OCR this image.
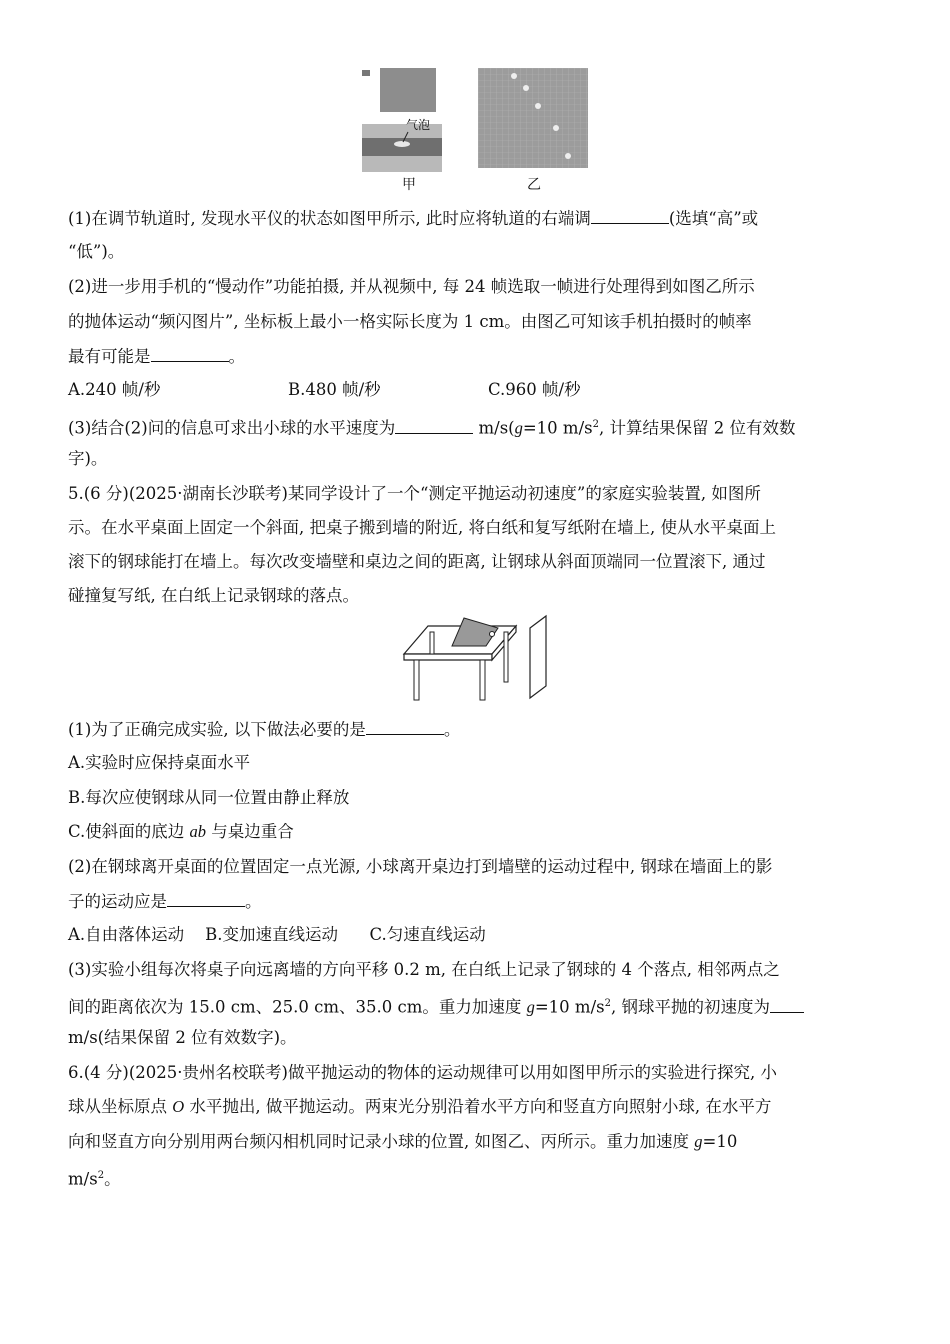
气泡
甲	乙
(1)在调节轨道时, 发现水平仪的状态如图甲所示, 此时应将轨道的右端调	(选填“高”或
“低”)。
(2)进一步用手机的“慢动作”功能拍摄, 并从视频中, 每 24 帧选取一帧进行处理得到如图乙所示
的抛体运动“频闪图片”, 坐标板上最小一格实际长度为 1 cm。由图乙可知该手机拍摄时的帧率
最有可能是	。
A.240 帧/秒	B.480 帧/秒	C.960 帧/秒
(3)结合(2)问的信息可求出小球的水平速度为	m/s(g=10 $m/s^2$, 计算结果保留 2 位有效数
字)。
5.(6 分)(2025·湖南长沙联考)某同学设计了一个“测定平抛运动初速度”的家庭实验装置, 如图所
示。在水平桌面上固定一个斜面, 把桌子搬到墙的附近, 将白纸和复写纸附在墙上, 使从水平桌面上
滚下的钢球能打在墙上。每次改变墙壁和桌边之间的距离, 让钢球从斜面顶端同一位置滚下, 通过
碰撞复写纸, 在白纸上记录钢球的落点。
(1)为了正确完成实验, 以下做法必要的是	。
A.实验时应保持桌面水平
B.每次应使钢球从同一位置由静止释放
C.使斜面的底边 ab 与桌边重合
(2)在钢球离开桌面的位置固定一点光源, 小球离开桌边打到墙壁的运动过程中, 钢球在墙面上的影
子的运动应是	。
A.自由落体运动    B.变加速直线运动      C.匀速直线运动
(3)实验小组每次将桌子向远离墙的方向平移 0.2 m, 在白纸上记录了钢球的 4 个落点, 相邻两点之
间的距离依次为 15.0 cm、25.0 cm、35.0 cm。重力加速度 g=10 $m/s^2$, 钢球平抛的初速度为
m/s(结果保留 2 位有效数字)。
6.(4 分)(2025·贵州名校联考)做平抛运动的物体的运动规律可以用如图甲所示的实验进行探究, 小
球从坐标原点 O 水平抛出, 做平抛运动。两束光分别沿着水平方向和竖直方向照射小球, 在水平方
向和竖直方向分别用两台频闪相机同时记录小球的位置, 如图乙、丙所示。重力加速度 g=10
$m/s^2$。
